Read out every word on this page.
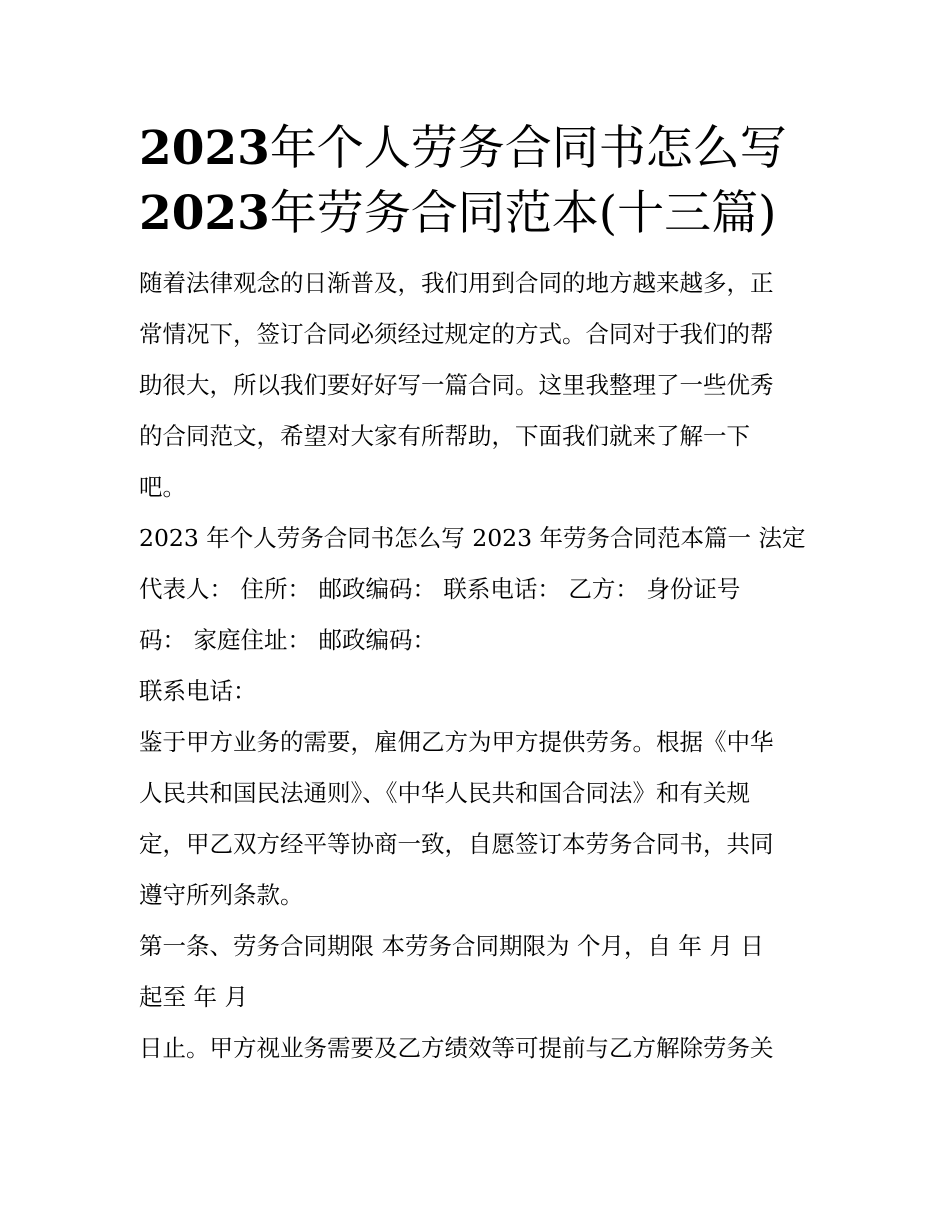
2023年个人劳务合同书怎么写
2023年劳务合同范本(十三篇)

随着法律观念的日渐普及，我们用到合同的地方越来越多，正
常情况下，签订合同必须经过规定的方式。合同对于我们的帮
助很大，所以我们要好好写一篇合同。这里我整理了一些优秀
的合同范文，希望对大家有所帮助，下面我们就来了解一下
吧。

2023 年个人劳务合同书怎么写 2023 年劳务合同范本篇一 法定
代表人： 住所： 邮政编码： 联系电话： 乙方： 身份证号
码： 家庭住址： 邮政编码：

联系电话：

鉴于甲方业务的需要，雇佣乙方为甲方提供劳务。根据《中华
人民共和国民法通则》、《中华人民共和国合同法》和有关规
定，甲乙双方经平等协商一致，自愿签订本劳务合同书，共同
遵守所列条款。

第一条、劳务合同期限 本劳务合同期限为 个月，自 年 月 日
起至 年 月

日止。甲方视业务需要及乙方绩效等可提前与乙方解除劳务关
